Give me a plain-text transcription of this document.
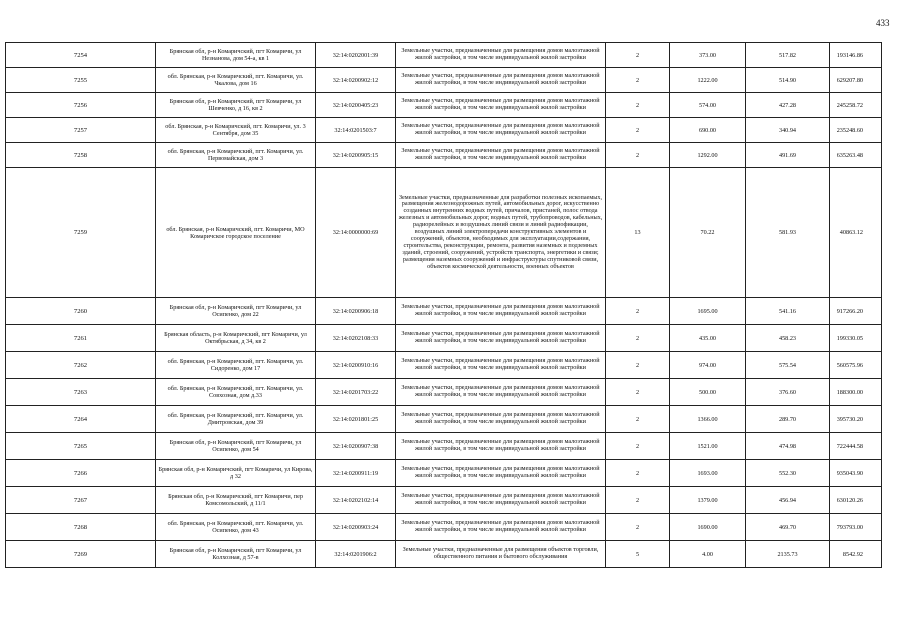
433
7254	Брянская обл, р-н Комаричский, пгт Комаричи, ул Незнанова, дом 54-а, кв 1	32:14:0202001:39	Земельные участки, предназначенные для размещения домов малоэтажной жилой застройки, в том числе индивидуальной жилой застройки	2	373.00	517.82	193146.86
7255	обл. Брянская, р-н Комаричский, пгт. Комаричи, ул. Чкалова, дом 16	32:14:0200902:12	Земельные участки, предназначенные для размещения домов малоэтажной жилой застройки, в том числе индивидуальной жилой застройки	2	1222.00	514.90	629207.80
7256	Брянская обл, р-н Комаричский, пгт Комаричи, ул Шевченко, д 16, кв 2	32:14:0200405:23	Земельные участки, предназначенные для размещения домов малоэтажной жилой застройки, в том числе индивидуальной жилой застройки	2	574.00	427.28	245258.72
7257	обл. Брянская, р-н Комаричский, пгт. Комаричи, ул. 3 Сентября, дом 35	32:14:0201503:7	Земельные участки, предназначенные для размещения домов малоэтажной жилой застройки, в том числе индивидуальной жилой застройки	2	690.00	340.94	235248.60
7258	обл. Брянская, р-н Комаричский, пгт. Комаричи, ул. Первомайская, дом 3	32:14:0200905:15	Земельные участки, предназначенные для размещения домов малоэтажной жилой застройки, в том числе индивидуальной жилой застройки	2	1292.00	491.69	635263.48
7259	обл. Брянская, р-н Комаричский, пгт. Комаричи, МО Комаричское городское поселение	32:14:0000000:69	Земельные участки, предназначенные для разработки полезных ископаемых, размещения железнодорожных путей, автомобильных дорог, искусственно созданных внутренних водных путей, причалов, пристаней, полос отвода железных и автомобильных дорог, водных путей, трубопроводов, кабельных, радиорелейных и воздушных линий связи и линий радиофикации, воздушных линий электропередачи конструктивных элементов и сооружений, объектов, необходимых для эксплуатации,содержания, строительства, реконструкции, ремонта, развития наземных и подземных зданий, строений, сооружений, устройств транспорта, энергетики и связи; размещения наземных сооружений и инфраструктуры спутниковой связи, объектов космической деятельности, военных объектов	13	70.22	581.93	40863.12
7260	Брянская обл, р-н Комаричский, пгт Комаричи, ул Осипенко, дом 22	32:14:0200906:18	Земельные участки, предназначенные для размещения домов малоэтажной жилой застройки, в том числе индивидуальной жилой застройки	2	1695.00	541.16	917266.20
7261	Брянская область, р-н Комаричский, пгт Комаричи, ул Октябрьская, д 34, кв 2	32:14:0202108:33	Земельные участки, предназначенные для размещения домов малоэтажной жилой застройки, в том числе индивидуальной жилой застройки	2	435.00	458.23	199330.05
7262	обл. Брянская, р-н Комаричский, пгт. Комаричи, ул. Сидоренко, дом 17	32:14:0200910:16	Земельные участки, предназначенные для размещения домов малоэтажной жилой застройки, в том числе индивидуальной жилой застройки	2	974.00	575.54	560575.96
7263	обл. Брянская, р-н Комаричский, пгт. Комаричи, ул. Совхозная, дом д.33	32:14:0201703:22	Земельные участки, предназначенные для размещения домов малоэтажной жилой застройки, в том числе индивидуальной жилой застройки	2	500.00	376.60	188300.00
7264	обл. Брянская, р-н Комаричский, пгт. Комаричи, ул. Дмитровская, дом 39	32:14:0201801:25	Земельные участки, предназначенные для размещения домов малоэтажной жилой застройки, в том числе индивидуальной жилой застройки	2	1366.00	289.70	395730.20
7265	Брянская обл, р-н Комаричский, пгт Комаричи, ул Осипенко, дом 54	32:14:0200907:38	Земельные участки, предназначенные для размещения домов малоэтажной жилой застройки, в том числе индивидуальной жилой застройки	2	1521.00	474.98	722444.58
7266	Брянская обл, р-н Комаричский, пгт Комаричи, ул Кирова, д 32	32:14:0200911:19	Земельные участки, предназначенные для размещения домов малоэтажной жилой застройки, в том числе индивидуальной жилой застройки	2	1693.00	552.30	935043.90
7267	Брянская обл, р-н Комаричский, пгт Комаричи, пер Комсомольский, д 11/1	32:14:0202102:14	Земельные участки, предназначенные для размещения домов малоэтажной жилой застройки, в том числе индивидуальной жилой застройки	2	1379.00	456.94	630120.26
7268	обл. Брянская, р-н Комаричский, пгт. Комаричи, ул. Осипенко, дом 43	32:14:0200903:24	Земельные участки, предназначенные для размещения домов малоэтажной жилой застройки, в том числе индивидуальной жилой застройки	2	1690.00	469.70	793793.00
7269	Брянская обл, р-н Комаричский, пгт Комаричи, ул Колхозная, д 57-в	32:14:0201906:2	Земельные участки, предназначенные для размещения объектов торговли, общественного питания и бытового обслуживания	5	4.00	2135.73	8542.92
